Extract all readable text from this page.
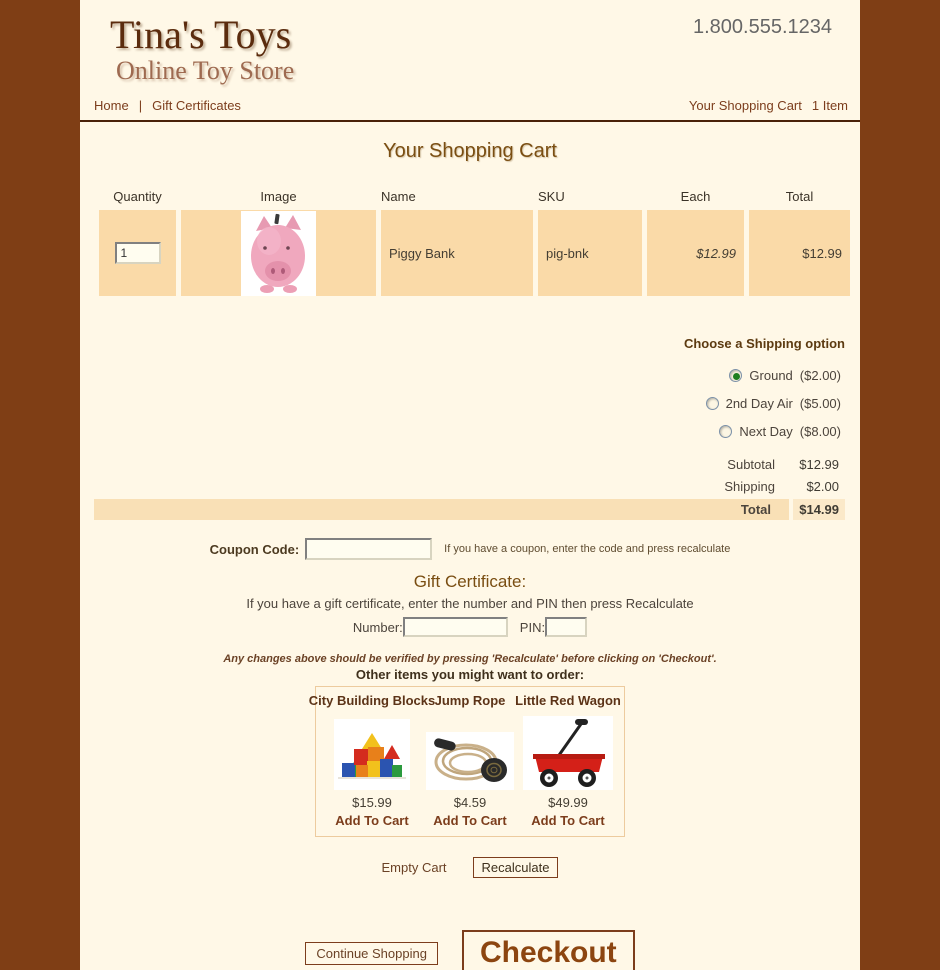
Tina's Toys
Online Toy Store
1.800.555.1234
Home | Gift Certificates	Your Shopping Cart 1 Item
Your Shopping Cart
Quantity	Image	Name	SKU	Each	Total
1		Piggy Bank	pig-bnk	$12.99	$12.99
Choose a Shipping option
Ground ($2.00)
2nd Day Air ($5.00)
Next Day ($8.00)
Subtotal	$12.99
Shipping	$2.00
Total	$14.99
Coupon Code:	If you have a coupon, enter the code and press recalculate
Gift Certificate:
If you have a gift certificate, enter the number and PIN then press Recalculate
Number:	PIN:
Any changes above should be verified by pressing 'Recalculate' before clicking on 'Checkout'.
Other items you might want to order:
City Building Blocks
$15.99
Add To Cart
Jump Rope
$4.59
Add To Cart
Little Red Wagon
$49.99
Add To Cart
Empty Cart	Recalculate
Continue Shopping	Checkout
